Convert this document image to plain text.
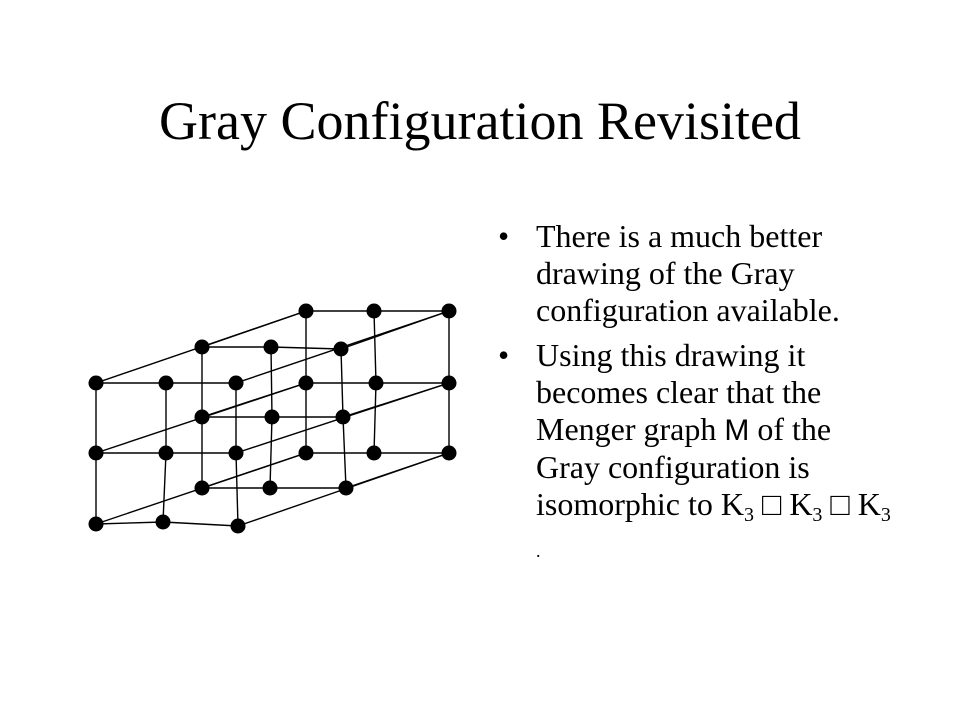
Gray Configuration Revisited
• There is a much better drawing of the Gray configuration available.
• Using this drawing it becomes clear that the Menger graph M of the Gray configuration is isomorphic to $K_3$ □ $K_3$ □ $K_3$ .
